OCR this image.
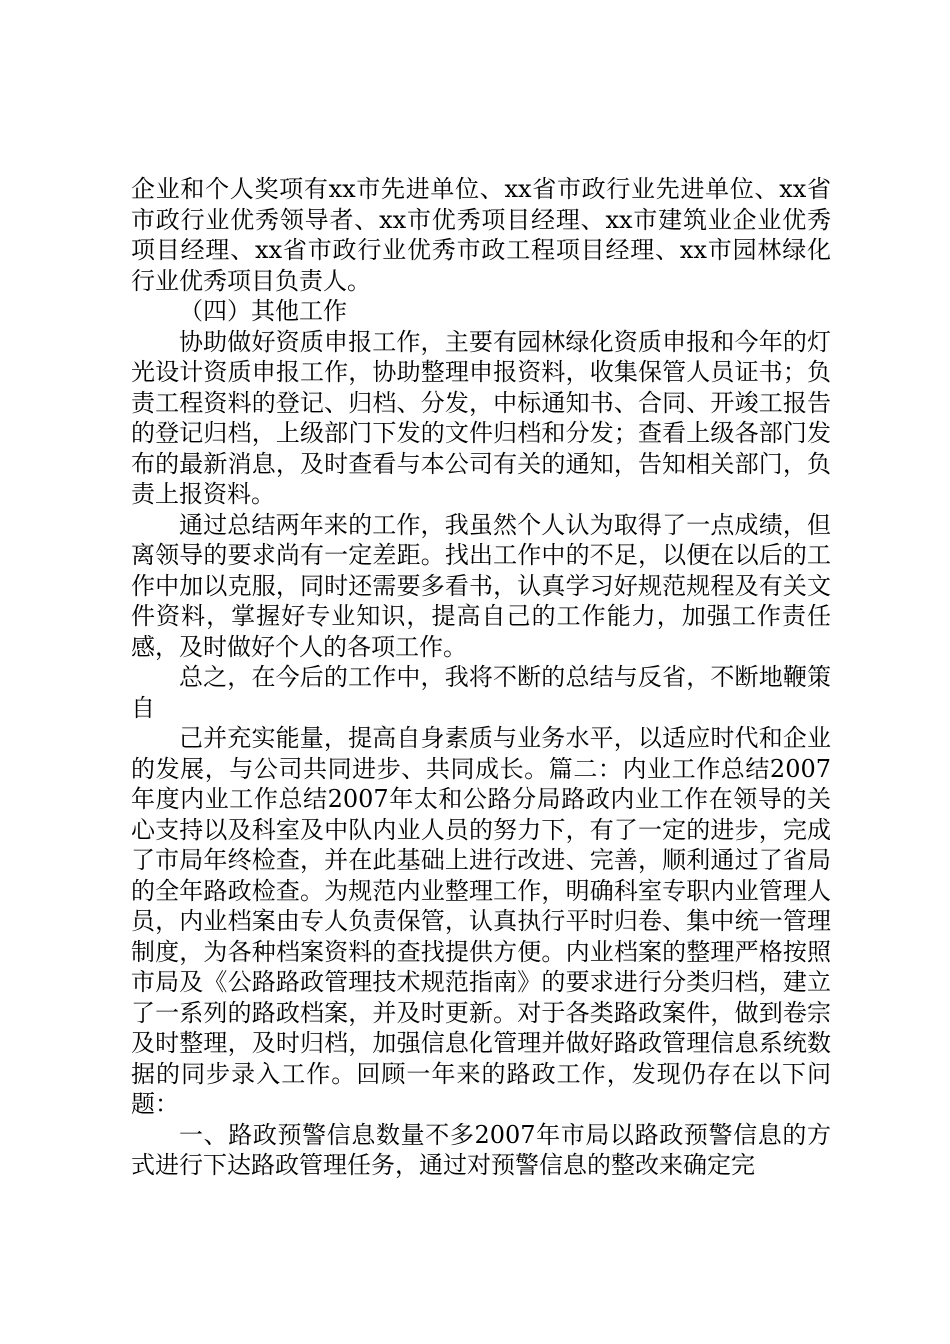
企业和个人奖项有xx市先进单位、xx省市政行业先进单位、xx省市政行业优秀领导者、xx市优秀项目经理、xx市建筑业企业优秀项目经理、xx省市政行业优秀市政工程项目经理、xx市园林绿化行业优秀项目负责人。

（四）其他工作

协助做好资质申报工作，主要有园林绿化资质申报和今年的灯光设计资质申报工作，协助整理申报资料，收集保管人员证书；负责工程资料的登记、归档、分发，中标通知书、合同、开竣工报告的登记归档，上级部门下发的文件归档和分发；查看上级各部门发布的最新消息，及时查看与本公司有关的通知，告知相关部门，负责上报资料。

通过总结两年来的工作，我虽然个人认为取得了一点成绩，但离领导的要求尚有一定差距。找出工作中的不足，以便在以后的工作中加以克服，同时还需要多看书，认真学习好规范规程及有关文件资料，掌握好专业知识，提高自己的工作能力，加强工作责任感，及时做好个人的各项工作。

总之，在今后的工作中，我将不断的总结与反省，不断地鞭策自

己并充实能量，提高自身素质与业务水平，以适应时代和企业的发展，与公司共同进步、共同成长。篇二：内业工作总结2007年度内业工作总结2007年太和公路分局路政内业工作在领导的关心支持以及科室及中队内业人员的努力下，有了一定的进步，完成了市局年终检查，并在此基础上进行改进、完善，顺利通过了省局的全年路政检查。为规范内业整理工作，明确科室专职内业管理人员，内业档案由专人负责保管，认真执行平时归卷、集中统一管理制度，为各种档案资料的查找提供方便。内业档案的整理严格按照市局及《公路路政管理技术规范指南》的要求进行分类归档，建立了一系列的路政档案，并及时更新。对于各类路政案件，做到卷宗及时整理，及时归档，加强信息化管理并做好路政管理信息系统数据的同步录入工作。回顾一年来的路政工作，发现仍存在以下问题：

一、路政预警信息数量不多2007年市局以路政预警信息的方式进行下达路政管理任务，通过对预警信息的整改来确定完
